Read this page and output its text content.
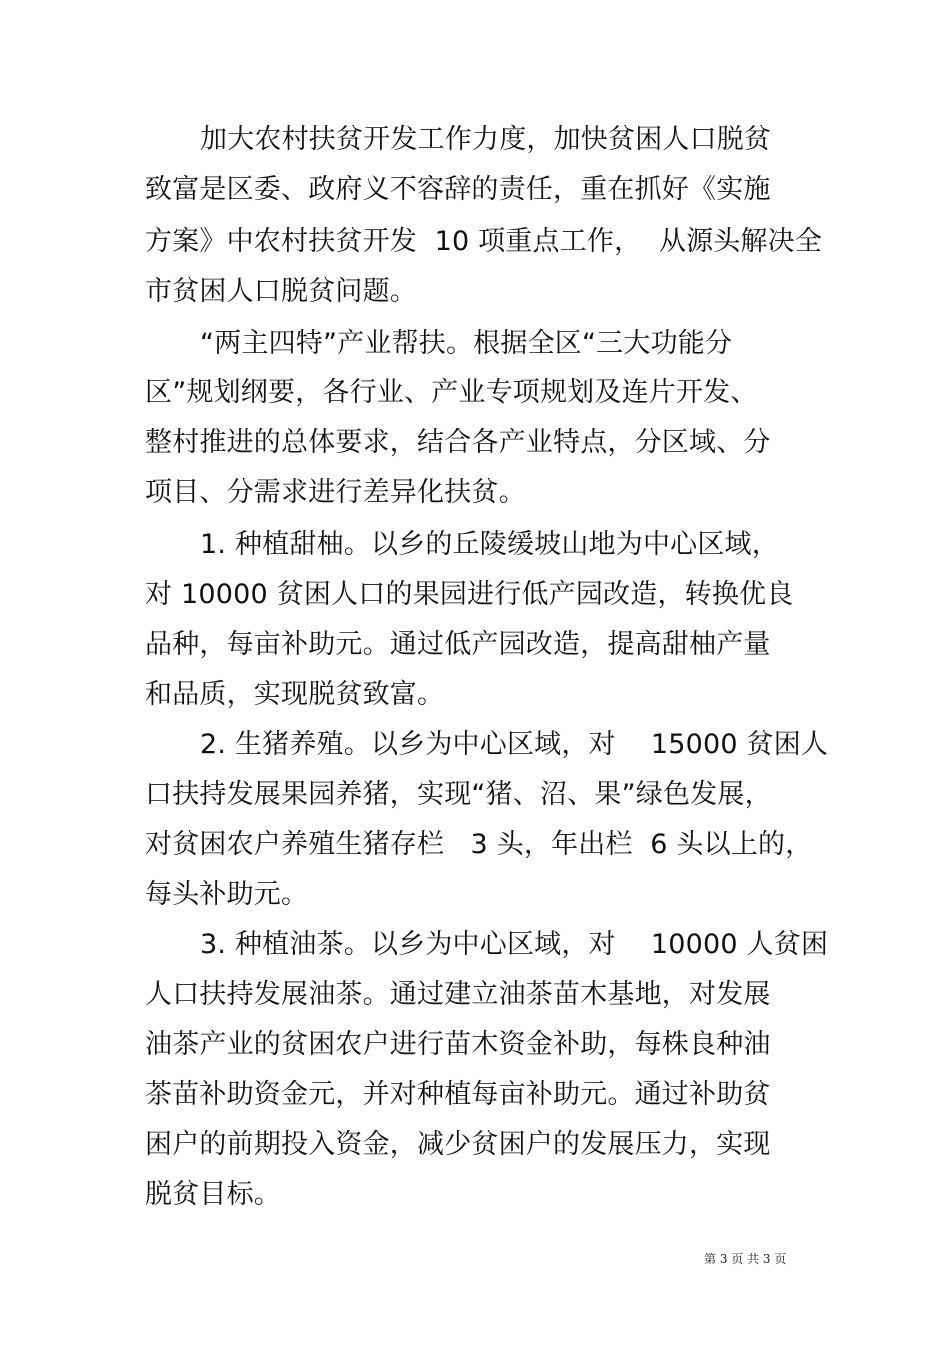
加大农村扶贫开发工作力度，加快贫困人口脱贫
致富是区委、政府义不容辞的责任，重在抓好《实施
方案》中农村扶贫开发  10 项重点工作，  从源头解决全
市贫困人口脱贫问题。
“两主四特”产业帮扶。根据全区“三大功能分
区”规划纲要，各行业、产业专项规划及连片开发、
整村推进的总体要求，结合各产业特点，分区域、分
项目、分需求进行差异化扶贫。
1. 种植甜柚。以乡的丘陵缓坡山地为中心区域，
对 10000 贫困人口的果园进行低产园改造，转换优良
品种，每亩补助元。通过低产园改造，提高甜柚产量
和品质，实现脱贫致富。
2. 生猪养殖。以乡为中心区域，对    15000 贫困人
口扶持发展果园养猪，实现“猪、沼、果”绿色发展，
对贫困农户养殖生猪存栏   3 头，年出栏  6 头以上的，
每头补助元。
3. 种植油茶。以乡为中心区域，对    10000 人贫困
人口扶持发展油茶。通过建立油茶苗木基地，对发展
油茶产业的贫困农户进行苗木资金补助，每株良种油
茶苗补助资金元，并对种植每亩补助元。通过补助贫
困户的前期投入资金，减少贫困户的发展压力，实现
脱贫目标。
第 3 页 共 3 页
